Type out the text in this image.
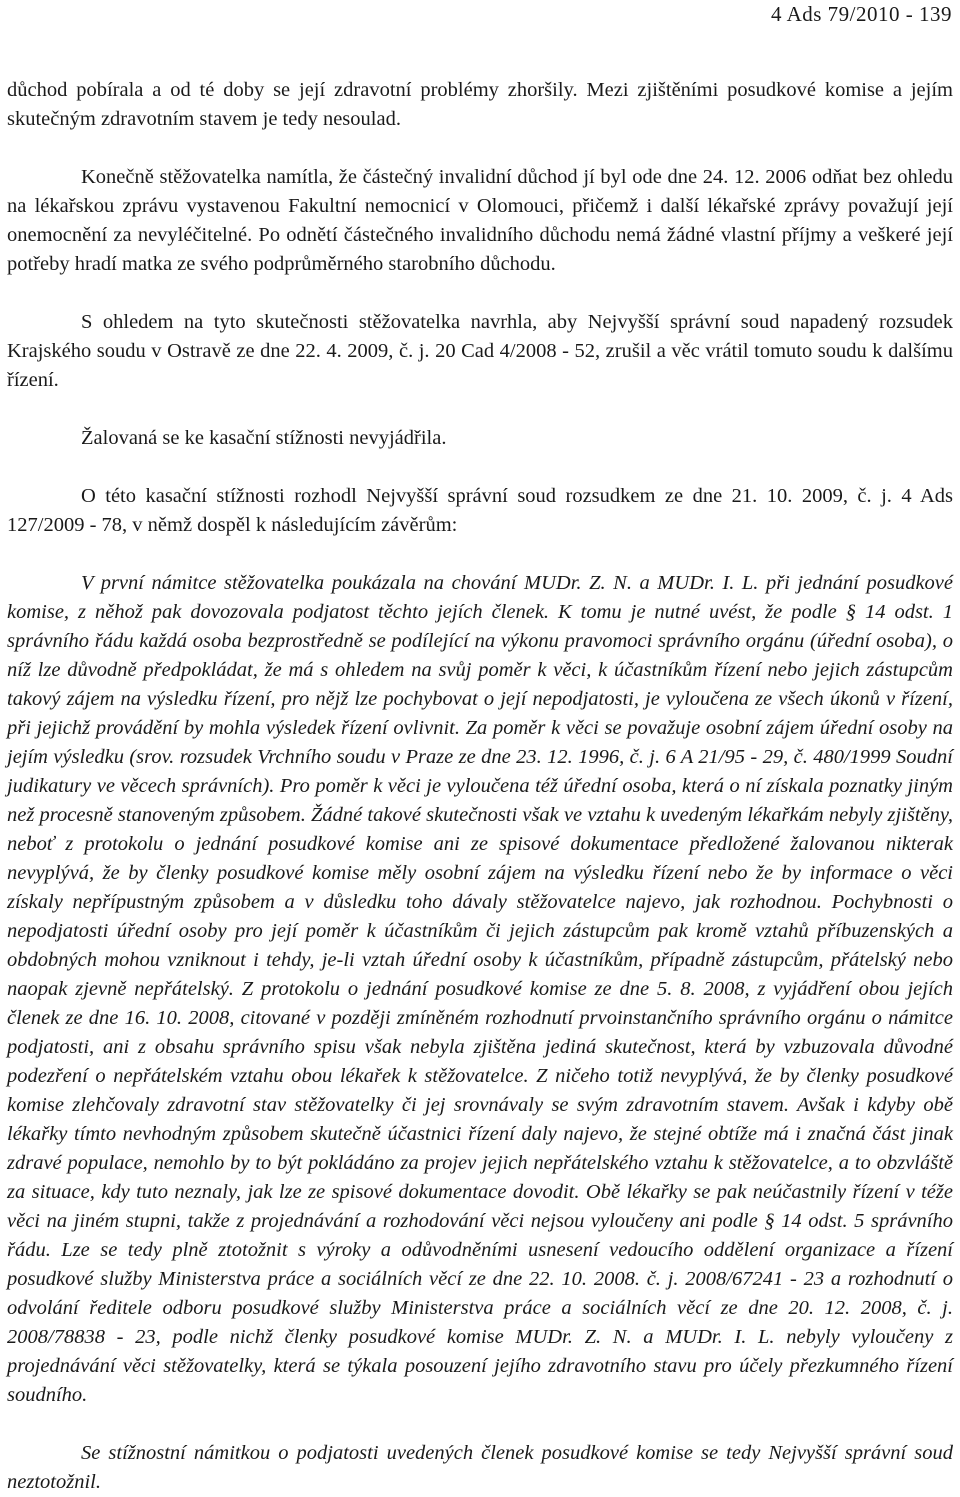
4 Ads 79/2010 - 139

důchod pobírala a od té doby se její zdravotní problémy zhoršily. Mezi zjištěními posudkové komise a jejím skutečným zdravotním stavem je tedy nesoulad.

Konečně stěžovatelka namítla, že částečný invalidní důchod jí byl ode dne 24. 12. 2006 odňat bez ohledu na lékařskou zprávu vystavenou Fakultní nemocnicí v Olomouci, přičemž i další lékařské zprávy považují její onemocnění za nevyléčitelné. Po odnětí částečného invalidního důchodu nemá žádné vlastní příjmy a veškeré její potřeby hradí matka ze svého podprůměrného starobního důchodu.

S ohledem na tyto skutečnosti stěžovatelka navrhla, aby Nejvyšší správní soud napadený rozsudek Krajského soudu v Ostravě ze dne 22. 4. 2009, č. j. 20 Cad 4/2008 - 52, zrušil a věc vrátil tomuto soudu k dalšímu řízení.

Žalovaná se ke kasační stížnosti nevyjádřila.

O této kasační stížnosti rozhodl Nejvyšší správní soud rozsudkem ze dne 21. 10. 2009, č. j. 4 Ads 127/2009 - 78, v němž dospěl k následujícím závěrům:

V první námitce stěžovatelka poukázala na chování MUDr. Z. N. a MUDr. I. L. při jednání posudkové komise, z něhož pak dovozovala podjatost těchto jejích členek. K tomu je nutné uvést, že podle § 14 odst. 1 správního řádu každá osoba bezprostředně se podílející na výkonu pravomoci správního orgánu (úřední osoba), o níž lze důvodně předpokládat, že má s ohledem na svůj poměr k věci, k účastníkům řízení nebo jejich zástupcům takový zájem na výsledku řízení, pro nějž lze pochybovat o její nepodjatosti, je vyloučena ze všech úkonů v řízení, při jejichž provádění by mohla výsledek řízení ovlivnit. Za poměr k věci se považuje osobní zájem úřední osoby na jejím výsledku (srov. rozsudek Vrchního soudu v Praze ze dne 23. 12. 1996, č. j. 6 A 21/95 - 29, č. 480/1999 Soudní judikatury ve věcech správních). Pro poměr k věci je vyloučena též úřední osoba, která o ní získala poznatky jiným než procesně stanoveným způsobem. Žádné takové skutečnosti však ve vztahu k uvedeným lékařkám nebyly zjištěny, neboť z protokolu o jednání posudkové komise ani ze spisové dokumentace předložené žalovanou nikterak nevyplývá, že by členky posudkové komise měly osobní zájem na výsledku řízení nebo že by informace o věci získaly nepřípustným způsobem a v důsledku toho dávaly stěžovatelce najevo, jak rozhodnou. Pochybnosti o nepodjatosti úřední osoby pro její poměr k účastníkům či jejich zástupcům pak kromě vztahů příbuzenských a obdobných mohou vzniknout i tehdy, je-li vztah úřední osoby k účastníkům, případně zástupcům, přátelský nebo naopak zjevně nepřátelský. Z protokolu o jednání posudkové komise ze dne 5. 8. 2008, z vyjádření obou jejích členek ze dne 16. 10. 2008, citované v později zmíněném rozhodnutí prvoinstančního správního orgánu o námitce podjatosti, ani z obsahu správního spisu však nebyla zjištěna jediná skutečnost, která by vzbuzovala důvodné podezření o nepřátelském vztahu obou lékařek k stěžovatelce. Z ničeho totiž nevyplývá, že by členky posudkové komise zlehčovaly zdravotní stav stěžovatelky či jej srovnávaly se svým zdravotním stavem. Avšak i kdyby obě lékařky tímto nevhodným způsobem skutečně účastnici řízení daly najevo, že stejné obtíže má i značná část jinak zdravé populace, nemohlo by to být pokládáno za projev jejich nepřátelského vztahu k stěžovatelce, a to obzvláště za situace, kdy tuto neznaly, jak lze ze spisové dokumentace dovodit. Obě lékařky se pak neúčastnily řízení v téže věci na jiném stupni, takže z projednávání a rozhodování věci nejsou vyloučeny ani podle § 14 odst. 5 správního řádu. Lze se tedy plně ztotožnit s výroky a odůvodněními usnesení vedoucího oddělení organizace a řízení posudkové služby Ministerstva práce a sociálních věcí ze dne 22. 10. 2008. č. j. 2008/67241 - 23 a rozhodnutí o odvolání ředitele odboru posudkové služby Ministerstva práce a sociálních věcí ze dne 20. 12. 2008, č. j. 2008/78838 - 23, podle nichž členky posudkové komise MUDr. Z. N. a MUDr. I. L. nebyly vyloučeny z projednávání věci stěžovatelky, která se týkala posouzení jejího zdravotního stavu pro účely přezkumného řízení soudního.

Se stížnostní námitkou o podjatosti uvedených členek posudkové komise se tedy Nejvyšší správní soud neztotožnil.
